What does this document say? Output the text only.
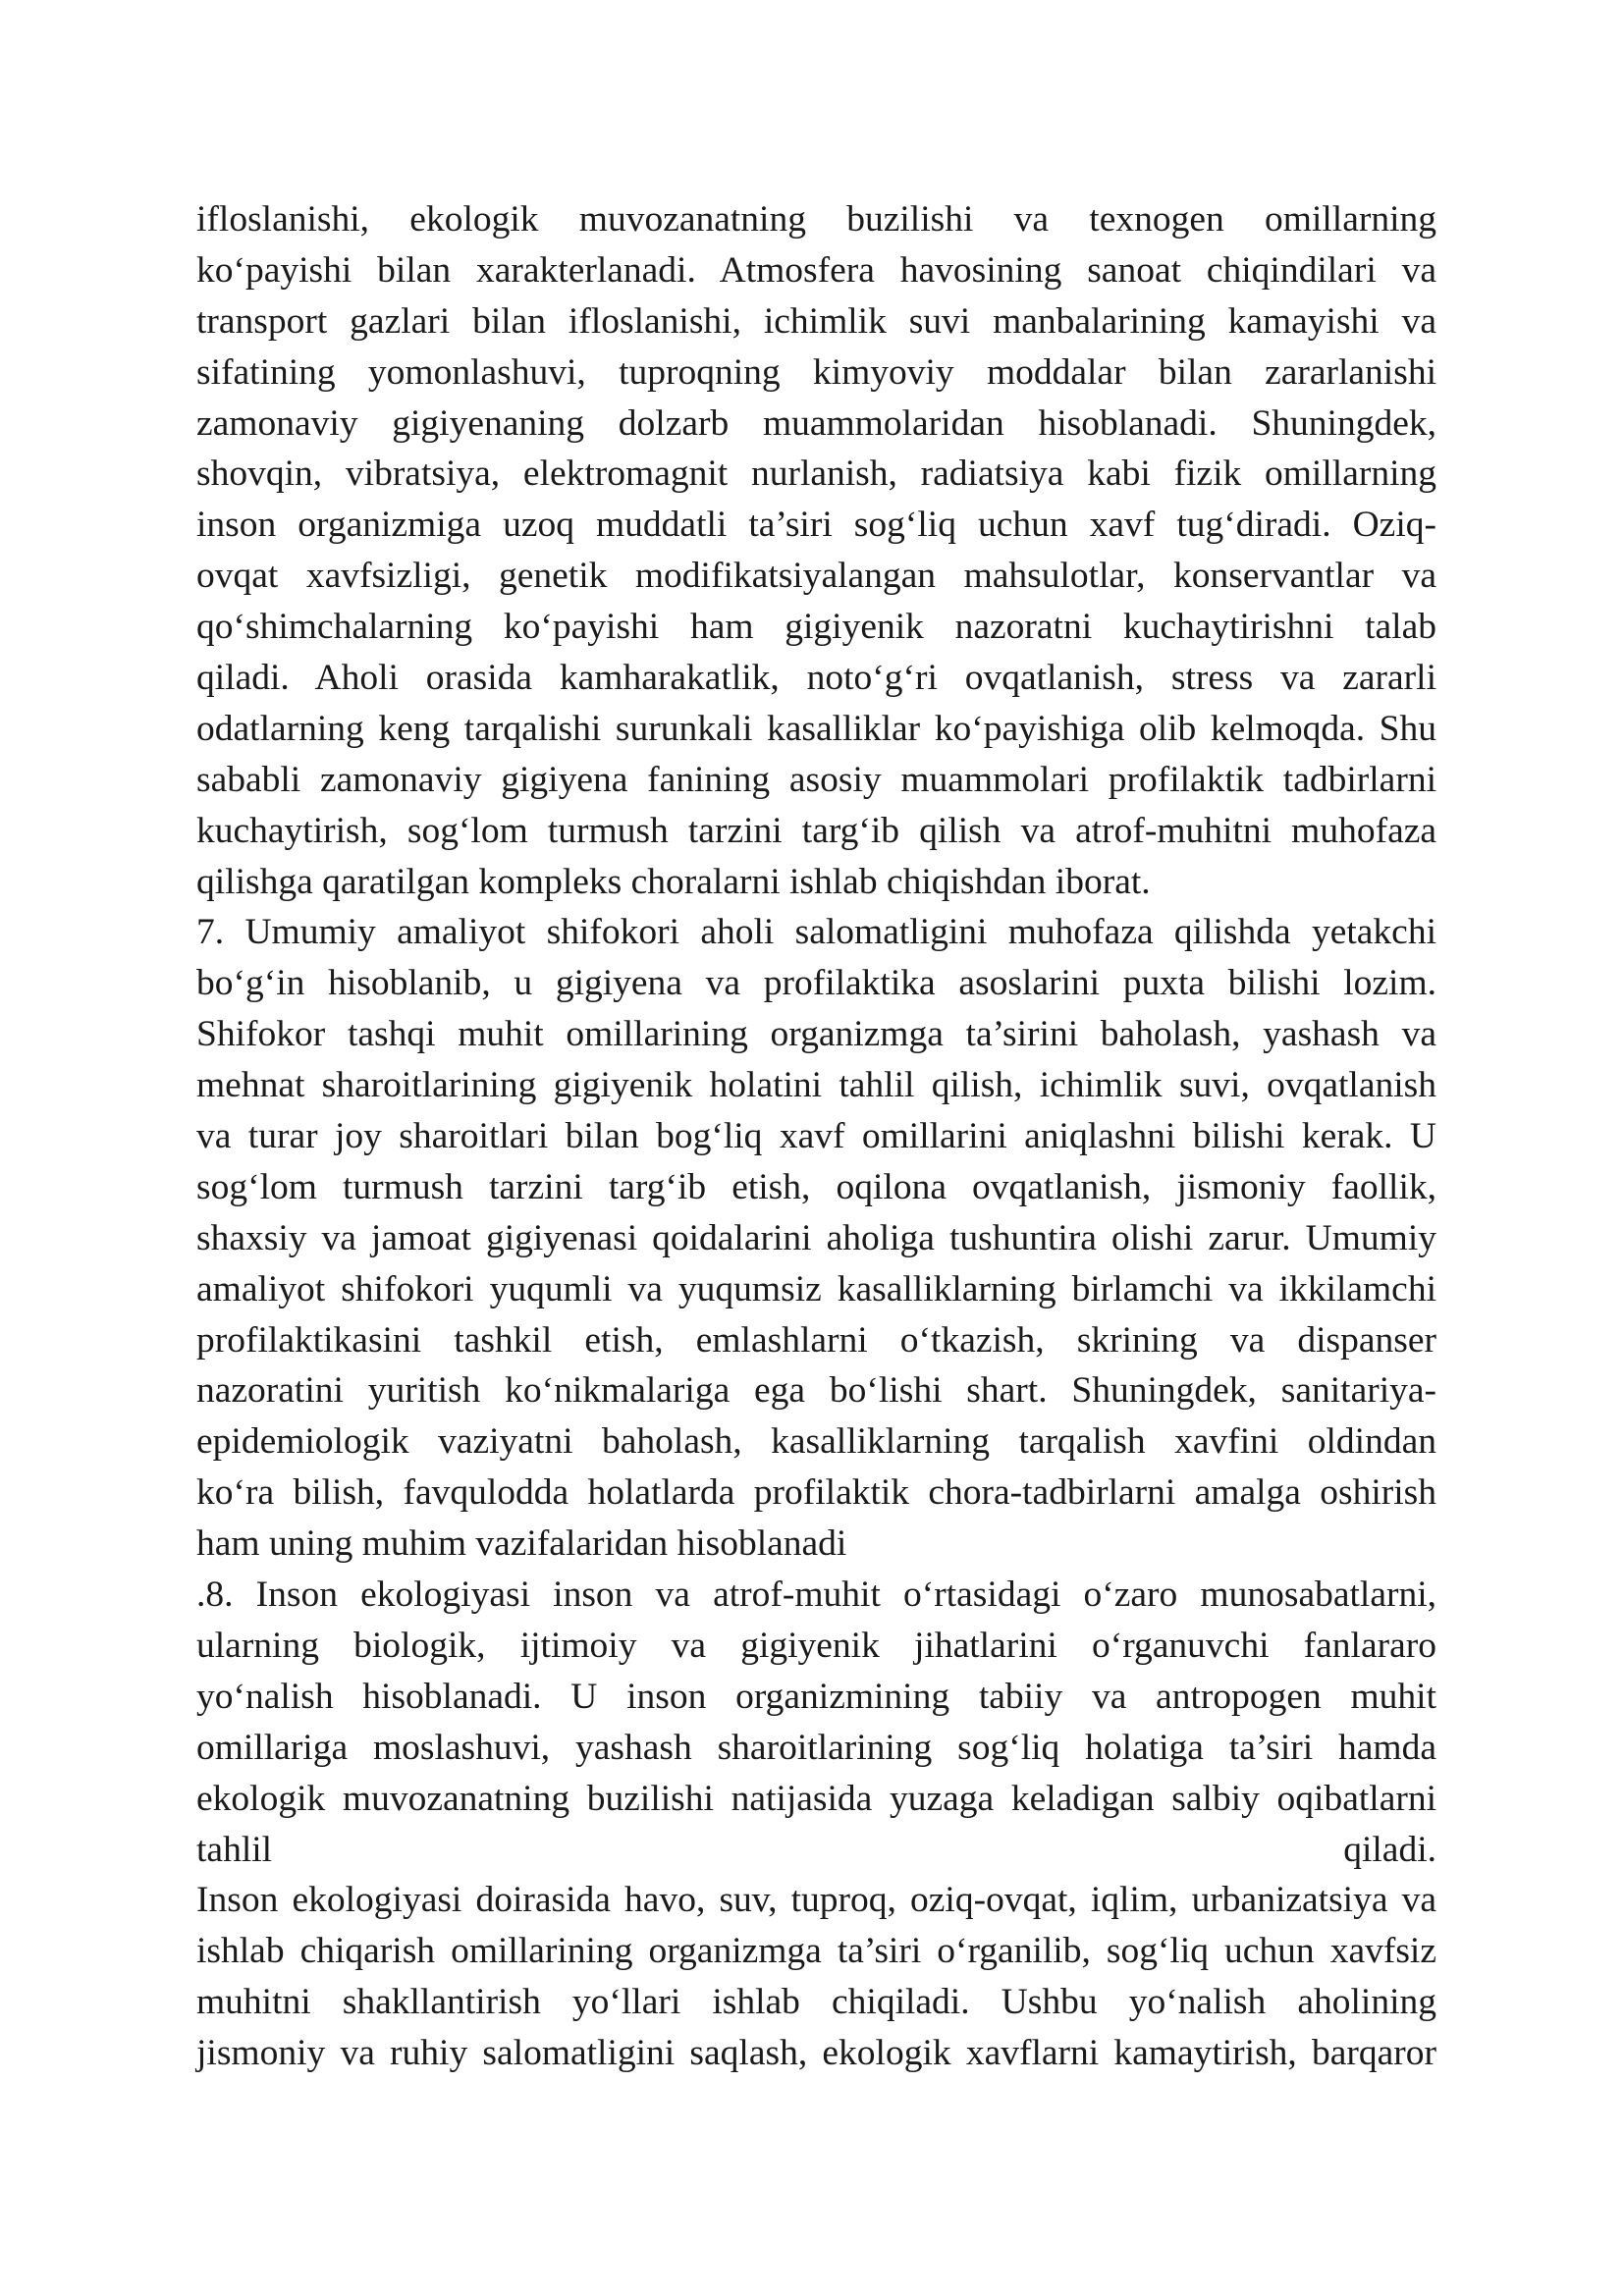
ifloslanishi, ekologik muvozanatning buzilishi va texnogen omillarning
ko‘payishi bilan xarakterlanadi. Atmosfera havosining sanoat chiqindilari va
transport gazlari bilan ifloslanishi, ichimlik suvi manbalarining kamayishi va
sifatining yomonlashuvi, tuproqning kimyoviy moddalar bilan zararlanishi
zamonaviy gigiyenaning dolzarb muammolaridan hisoblanadi. Shuningdek,
shovqin, vibratsiya, elektromagnit nurlanish, radiatsiya kabi fizik omillarning
inson organizmiga uzoq muddatli ta’siri sog‘liq uchun xavf tug‘diradi. Oziq-
ovqat xavfsizligi, genetik modifikatsiyalangan mahsulotlar, konservantlar va
qo‘shimchalarning ko‘payishi ham gigiyenik nazoratni kuchaytirishni talab
qiladi. Aholi orasida kamharakatlik, noto‘g‘ri ovqatlanish, stress va zararli
odatlarning keng tarqalishi surunkali kasalliklar ko‘payishiga olib kelmoqda. Shu
sababli zamonaviy gigiyena fanining asosiy muammolari profilaktik tadbirlarni
kuchaytirish, sog‘lom turmush tarzini targ‘ib qilish va atrof-muhitni muhofaza
qilishga qaratilgan kompleks choralarni ishlab chiqishdan iborat.
7. Umumiy amaliyot shifokori aholi salomatligini muhofaza qilishda yetakchi
bo‘g‘in hisoblanib, u gigiyena va profilaktika asoslarini puxta bilishi lozim.
Shifokor tashqi muhit omillarining organizmga ta’sirini baholash, yashash va
mehnat sharoitlarining gigiyenik holatini tahlil qilish, ichimlik suvi, ovqatlanish
va turar joy sharoitlari bilan bog‘liq xavf omillarini aniqlashni bilishi kerak. U
sog‘lom turmush tarzini targ‘ib etish, oqilona ovqatlanish, jismoniy faollik,
shaxsiy va jamoat gigiyenasi qoidalarini aholiga tushuntira olishi zarur. Umumiy
amaliyot shifokori yuqumli va yuqumsiz kasalliklarning birlamchi va ikkilamchi
profilaktikasini tashkil etish, emlashlarni o‘tkazish, skrining va dispanser
nazoratini yuritish ko‘nikmalariga ega bo‘lishi shart. Shuningdek, sanitariya-
epidemiologik vaziyatni baholash, kasalliklarning tarqalish xavfini oldindan
ko‘ra bilish, favqulodda holatlarda profilaktik chora-tadbirlarni amalga oshirish
ham uning muhim vazifalaridan hisoblanadi
.8. Inson ekologiyasi inson va atrof-muhit o‘rtasidagi o‘zaro munosabatlarni,
ularning biologik, ijtimoiy va gigiyenik jihatlarini o‘rganuvchi fanlararo
yo‘nalish hisoblanadi. U inson organizmining tabiiy va antropogen muhit
omillariga moslashuvi, yashash sharoitlarining sog‘liq holatiga ta’siri hamda
ekologik muvozanatning buzilishi natijasida yuzaga keladigan salbiy oqibatlarni
tahlil qiladi.
Inson ekologiyasi doirasida havo, suv, tuproq, oziq-ovqat, iqlim, urbanizatsiya va
ishlab chiqarish omillarining organizmga ta’siri o‘rganilib, sog‘liq uchun xavfsiz
muhitni shakllantirish yo‘llari ishlab chiqiladi. Ushbu yo‘nalish aholining
jismoniy va ruhiy salomatligini saqlash, ekologik xavflarni kamaytirish, barqaror
